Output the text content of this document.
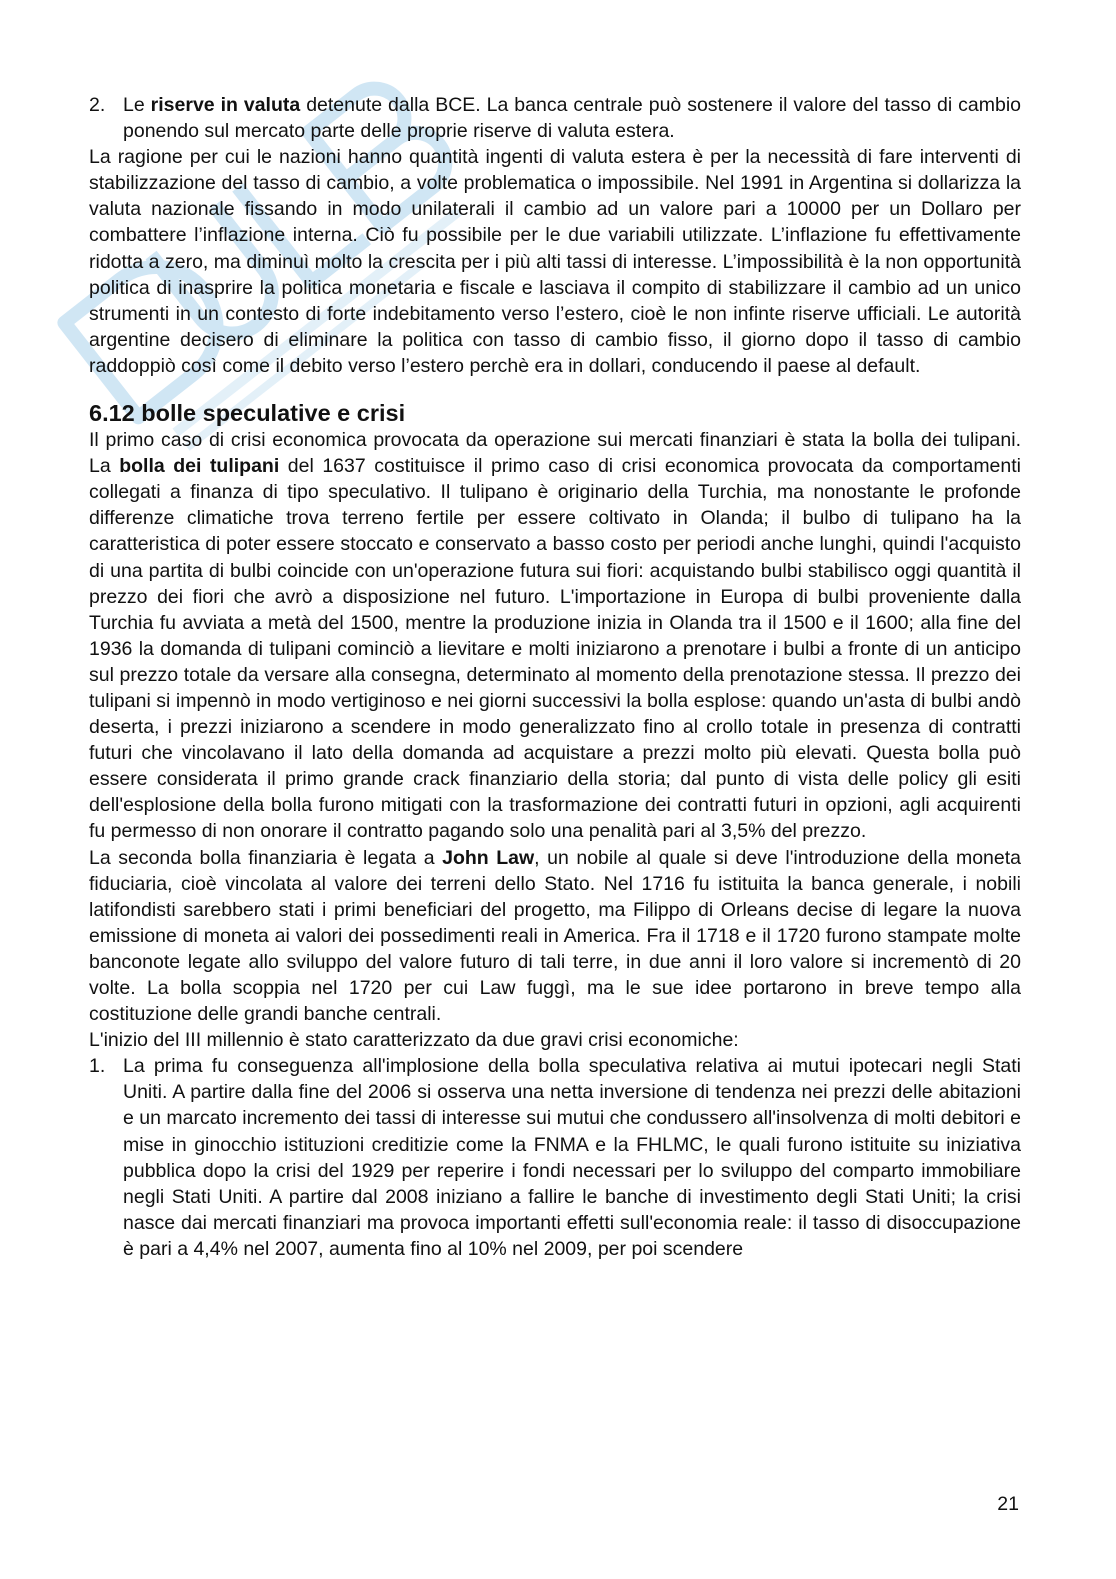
2. Le riserve in valuta detenute dalla BCE. La banca centrale può sostenere il valore del tasso di cambio ponendo sul mercato parte delle proprie riserve di valuta estera.

La ragione per cui le nazioni hanno quantità ingenti di valuta estera è per la necessità di fare interventi di stabilizzazione del tasso di cambio, a volte problematica o impossibile. Nel 1991 in Argentina si dollarizza la valuta nazionale fissando in modo unilaterali il cambio ad un valore pari a 10000 per un Dollaro per combattere l’inflazione interna. Ciò fu possibile per le due variabili utilizzate. L’inflazione fu effettivamente ridotta a zero, ma diminuì molto la crescita per i più alti tassi di interesse. L’impossibilità è la non opportunità politica di inasprire la politica monetaria e fiscale e lasciava il compito di stabilizzare il cambio ad un unico strumenti in un contesto di forte indebitamento verso l’estero, cioè le non infinte riserve ufficiali. Le autorità argentine decisero di eliminare la politica con tasso di cambio fisso, il giorno dopo il tasso di cambio raddoppiò così come il debito verso l’estero perchè era in dollari, conducendo il paese al default.

6.12 bolle speculative e crisi

Il primo caso di crisi economica provocata da operazione sui mercati finanziari è stata la bolla dei tulipani. La bolla dei tulipani del 1637 costituisce il primo caso di crisi economica provocata da comportamenti collegati a finanza di tipo speculativo. Il tulipano è originario della Turchia, ma nonostante le profonde differenze climatiche trova terreno fertile per essere coltivato in Olanda; il bulbo di tulipano ha la caratteristica di poter essere stoccato e conservato a basso costo per periodi anche lunghi, quindi l'acquisto di una partita di bulbi coincide con un'operazione futura sui fiori: acquistando bulbi stabilisco oggi quantità il prezzo dei fiori che avrò a disposizione nel futuro. L'importazione in Europa di bulbi proveniente dalla Turchia fu avviata a metà del 1500, mentre la produzione inizia in Olanda tra il 1500 e il 1600; alla fine del 1936 la domanda di tulipani cominciò a lievitare e molti iniziarono a prenotare i bulbi a fronte di un anticipo sul prezzo totale da versare alla consegna, determinato al momento della prenotazione stessa. Il prezzo dei tulipani si impennò in modo vertiginoso e nei giorni successivi la bolla esplose: quando un'asta di bulbi andò deserta, i prezzi iniziarono a scendere in modo generalizzato fino al crollo totale in presenza di contratti futuri che vincolavano il lato della domanda ad acquistare a prezzi molto più elevati. Questa bolla può essere considerata il primo grande crack finanziario della storia; dal punto di vista delle policy gli esiti dell'esplosione della bolla furono mitigati con la trasformazione dei contratti futuri in opzioni, agli acquirenti fu permesso di non onorare il contratto pagando solo una penalità pari al 3,5% del prezzo.

La seconda bolla finanziaria è legata a John Law, un nobile al quale si deve l'introduzione della moneta fiduciaria, cioè vincolata al valore dei terreni dello Stato. Nel 1716 fu istituita la banca generale, i nobili latifondisti sarebbero stati i primi beneficiari del progetto, ma Filippo di Orleans decise di legare la nuova emissione di moneta ai valori dei possedimenti reali in America. Fra il 1718 e il 1720 furono stampate molte banconote legate allo sviluppo del valore futuro di tali terre, in due anni il loro valore si incrementò di 20 volte. La bolla scoppia nel 1720 per cui Law fuggì, ma le sue idee portarono in breve tempo alla costituzione delle grandi banche centrali.

L'inizio del III millennio è stato caratterizzato da due gravi crisi economiche:

1. La prima fu conseguenza all'implosione della bolla speculativa relativa ai mutui ipotecari negli Stati Uniti. A partire dalla fine del 2006 si osserva una netta inversione di tendenza nei prezzi delle abitazioni e un marcato incremento dei tassi di interesse sui mutui che condussero all'insolvenza di molti debitori e mise in ginocchio istituzioni creditizie come la FNMA e la FHLMC, le quali furono istituite su iniziativa pubblica dopo la crisi del 1929 per reperire i fondi necessari per lo sviluppo del comparto immobiliare negli Stati Uniti. A partire dal 2008 iniziano a fallire le banche di investimento degli Stati Uniti; la crisi nasce dai mercati finanziari ma provoca importanti effetti sull'economia reale: il tasso di disoccupazione è pari a 4,4% nel 2007, aumenta fino al 10% nel 2009, per poi scendere
21
